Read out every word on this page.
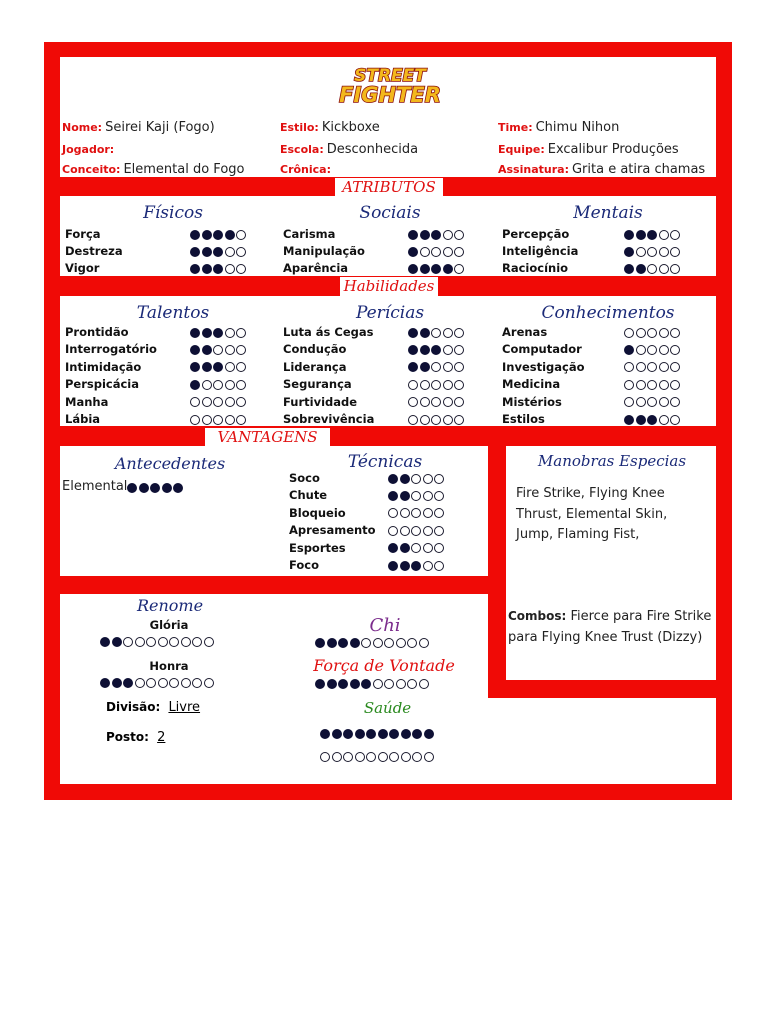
STREET
FIGHTER
Nome: Seirei Kaji (Fogo)
Jogador:
Conceito: Elemental do Fogo
Estilo: Kickboxe
Escola: Desconhecida
Crônica:
Time: Chimu Nihon
Equipe: Excalibur Produções
Assinatura: Grita e atira chamas
ATRIBUTOS
Habilidades
VANTAGENS
Físicos
Força
Destreza
Vigor
Sociais
Carisma
Manipulação
Aparência
Mentais
Percepção
Inteligência
Raciocínio
Talentos
Prontidão
Interrogatório
Intimidação
Perspicácia
Manha
Lábia
Perícias
Luta ás Cegas
Condução
Liderança
Segurança
Furtividade
Sobrevivência
Conhecimentos
Arenas
Computador
Investigação
Medicina
Mistérios
Estilos
Antecedentes
Elemental
Técnicas
Soco
Chute
Bloqueio
Apresamento
Esportes
Foco
Manobras Especias
Fire Strike, Flying Knee Thrust, Elemental Skin, Jump, Flaming Fist,
Combos: Fierce para Fire Strike para Flying Knee Trust (Dizzy)
Renome
Glória
Honra
Divisão: Livre
Posto: 2
Chi
Força de Vontade
Saúde
